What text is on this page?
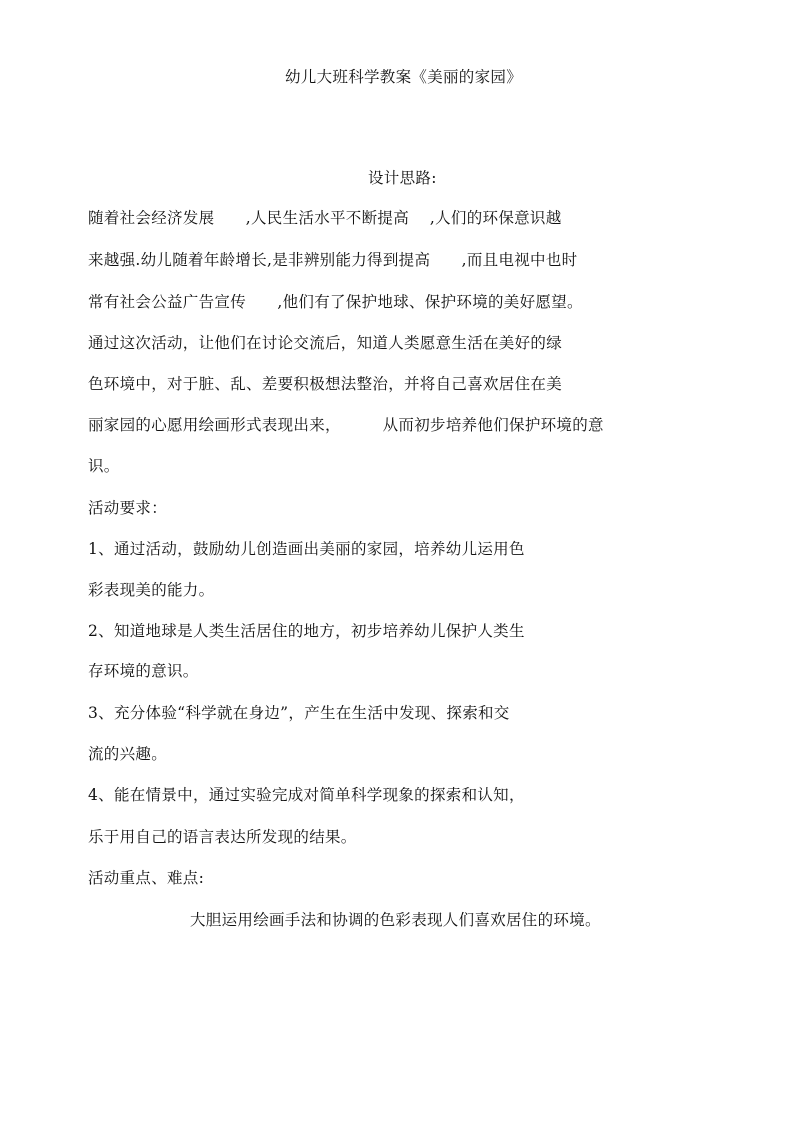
幼儿大班科学教案《美丽的家园》
设计思路:
随着社会经济发展      ,人民生活水平不断提高    ,人们的环保意识越
来越强.幼儿随着年龄增长,是非辨别能力得到提高      ,而且电视中也时
常有社会公益广告宣传      ,他们有了保护地球、保护环境的美好愿望。
通过这次活动，让他们在讨论交流后，知道人类愿意生活在美好的绿
色环境中，对于脏、乱、差要积极想法整治，并将自己喜欢居住在美
丽家园的心愿用绘画形式表现出来，        从而初步培养他们保护环境的意
识。
活动要求：
1、通过活动，鼓励幼儿创造画出美丽的家园，培养幼儿运用色
彩表现美的能力。
2、知道地球是人类生活居住的地方，初步培养幼儿保护人类生
存环境的意识。
3、充分体验“科学就在身边”，产生在生活中发现、探索和交
流的兴趣。
4、能在情景中，通过实验完成对简单科学现象的探索和认知，
乐于用自己的语言表达所发现的结果。
活动重点、难点:
大胆运用绘画手法和协调的色彩表现人们喜欢居住的环境。
